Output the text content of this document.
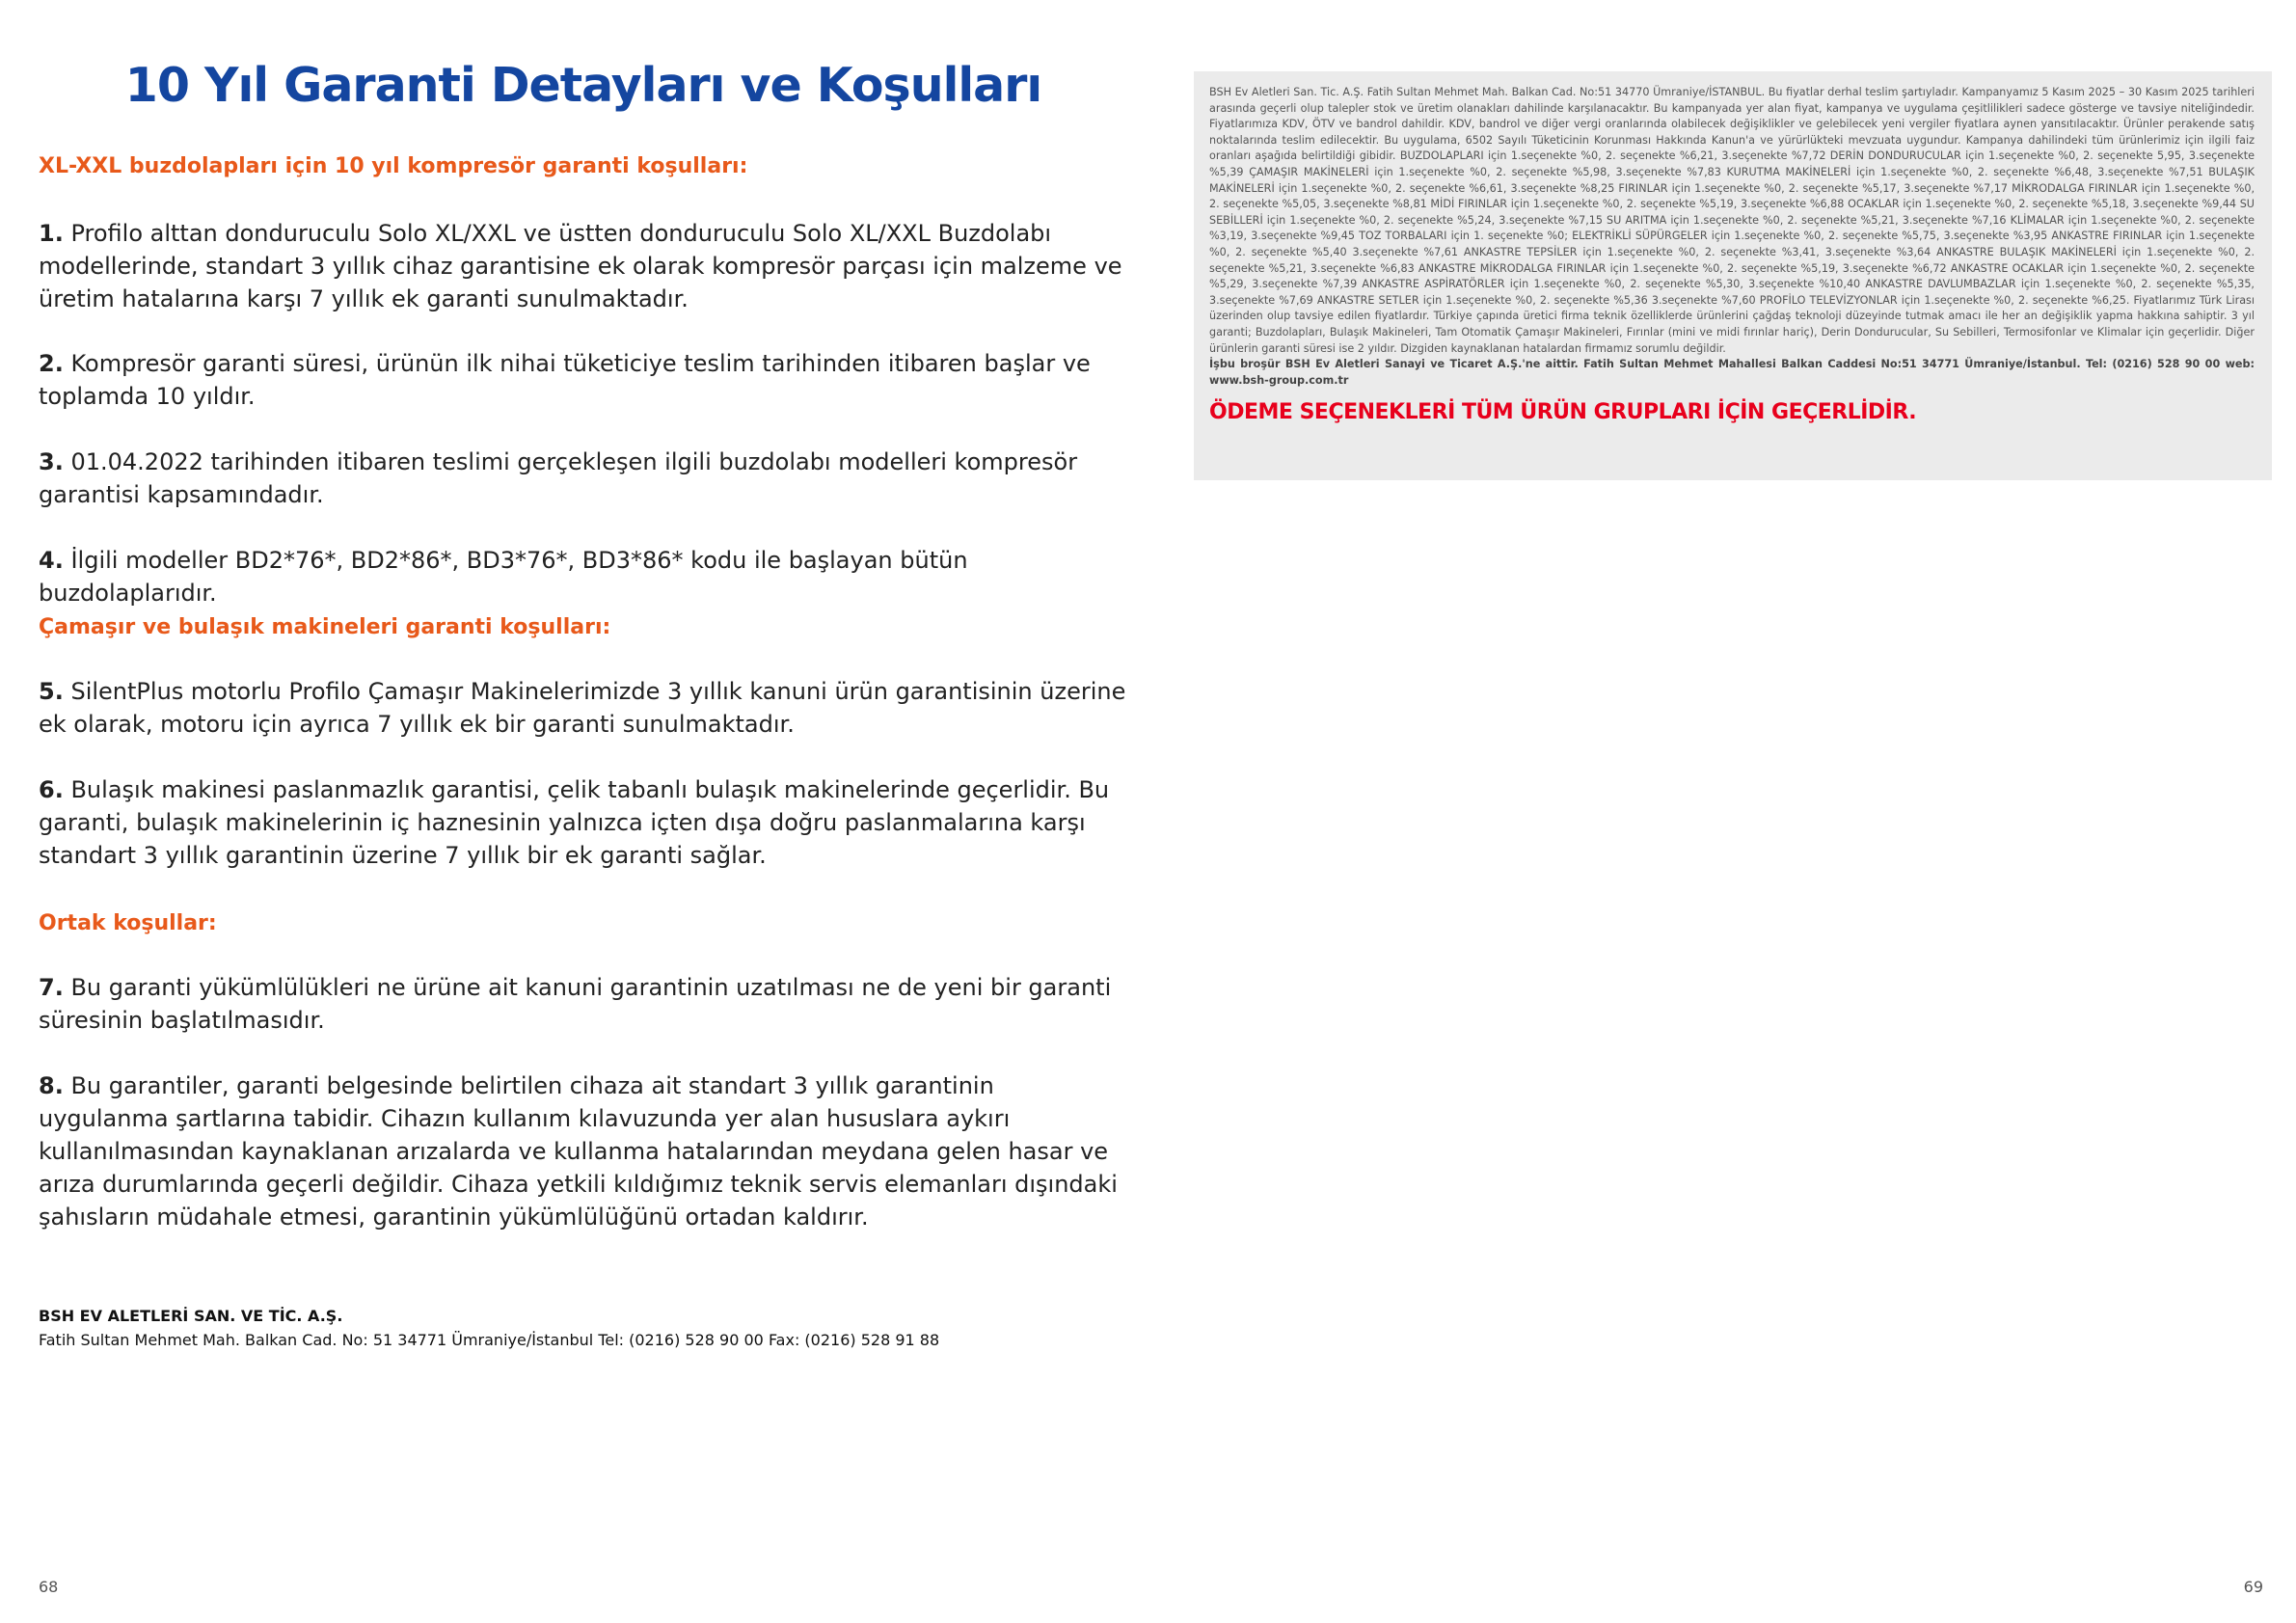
10 Yıl Garanti Detayları ve Koşulları

XL-XXL buzdolapları için 10 yıl kompresör garanti koşulları:

1. Profilo alttan donduruculu Solo XL/XXL ve üstten donduruculu Solo XL/XXL Buzdolabı modellerinde, standart 3 yıllık cihaz garantisine ek olarak kompresör parçası için malzeme ve üretim hatalarına karşı 7 yıllık ek garanti sunulmaktadır.

2. Kompresör garanti süresi, ürünün ilk nihai tüketiciye teslim tarihinden itibaren başlar ve toplamda 10 yıldır.

3. 01.04.2022 tarihinden itibaren teslimi gerçekleşen ilgili buzdolabı modelleri kompresör garantisi kapsamındadır.

4. İlgili modeller BD2*76*, BD2*86*, BD3*76*, BD3*86* kodu ile başlayan bütün buzdolaplarıdır.

Çamaşır ve bulaşık makineleri garanti koşulları:

5. SilentPlus motorlu Profilo Çamaşır Makinelerimizde 3 yıllık kanuni ürün garantisinin üzerine ek olarak, motoru için ayrıca 7 yıllık ek bir garanti sunulmaktadır.

6. Bulaşık makinesi paslanmazlık garantisi, çelik tabanlı bulaşık makinelerinde geçerlidir. Bu garanti, bulaşık makinelerinin iç haznesinin yalnızca içten dışa doğru paslanmalarına karşı standart 3 yıllık garantinin üzerine 7 yıllık bir ek garanti sağlar.

Ortak koşullar:

7. Bu garanti yükümlülükleri ne ürüne ait kanuni garantinin uzatılması ne de yeni bir garanti süresinin başlatılmasıdır.

8. Bu garantiler, garanti belgesinde belirtilen cihaza ait standart 3 yıllık garantinin uygulanma şartlarına tabidir. Cihazın kullanım kılavuzunda yer alan hususlara aykırı kullanılmasından kaynaklanan arızalarda ve kullanma hatalarından meydana gelen hasar ve arıza durumlarında geçerli değildir. Cihaza yetkili kıldığımız teknik servis elemanları dışındaki şahısların müdahale etmesi, garantinin yükümlülüğünü ortadan kaldırır.

BSH EV ALETLERİ SAN. VE TİC. A.Ş.

Fatih Sultan Mehmet Mah. Balkan Cad. No: 51 34771 Ümraniye/İstanbul Tel: (0216) 528 90 00 Fax: (0216) 528 91 88

68

BSH Ev Aletleri San. Tic. A.Ş. Fatih Sultan Mehmet Mah. Balkan Cad. No:51 34770 Ümraniye/İSTANBUL. Bu fiyatlar derhal teslim şartıyladır. Kampanyamız 5 Kasım 2025 – 30 Kasım 2025 tarihleri arasında geçerli olup talepler stok ve üretim olanakları dahilinde karşılanacaktır. Bu kampanyada yer alan fiyat, kampanya ve uygulama çeşitlilikleri sadece gösterge ve tavsiye niteliğindedir. Fiyatlarımıza KDV, ÖTV ve bandrol dahildir. KDV, bandrol ve diğer vergi oranlarında olabilecek değişiklikler ve gelebilecek yeni vergiler fiyatlara aynen yansıtılacaktır. Ürünler perakende satış noktalarında teslim edilecektir. Bu uygulama, 6502 Sayılı Tüketicinin Korunması Hakkında Kanun'a ve yürürlükteki mevzuata uygundur. Kampanya dahilindeki tüm ürünlerimiz için ilgili faiz oranları aşağıda belirtildiği gibidir. BUZDOLAPLARI için 1.seçenekte %0, 2. seçenekte %6,21, 3.seçenekte %7,72 DERİN DONDURUCULAR için 1.seçenekte %0, 2. seçenekte 5,95, 3.seçenekte %5,39 ÇAMAŞIR MAKİNELERİ için 1.seçenekte %0, 2. seçenekte %5,98, 3.seçenekte %7,83 KURUTMA MAKİNELERİ için 1.seçenekte %0, 2. seçenekte %6,48, 3.seçenekte %7,51 BULAŞIK MAKİNELERİ için 1.seçenekte %0, 2. seçenekte %6,61, 3.seçenekte %8,25 FIRINLAR için 1.seçenekte %0, 2. seçenekte %5,17, 3.seçenekte %7,17 MİKRODALGA FIRINLAR için 1.seçenekte %0, 2. seçenekte %5,05, 3.seçenekte %8,81 MİDİ FIRINLAR için 1.seçenekte %0, 2. seçenekte %5,19, 3.seçenekte %6,88 OCAKLAR için 1.seçenekte %0, 2. seçenekte %5,18, 3.seçenekte %9,44 SU SEBİLLERİ için 1.seçenekte %0, 2. seçenekte %5,24, 3.seçenekte %7,15 SU ARITMA için 1.seçenekte %0, 2. seçenekte %5,21, 3.seçenekte %7,16 KLİMALAR için 1.seçenekte %0, 2. seçenekte %3,19, 3.seçenekte %9,45 TOZ TORBALARI için 1. seçenekte %0; ELEKTRİKLİ SÜPÜRGELER için 1.seçenekte %0, 2. seçenekte %5,75, 3.seçenekte %3,95 ANKASTRE FIRINLAR için 1.seçenekte %0, 2. seçenekte %5,40 3.seçenekte %7,61 ANKASTRE TEPSİLER için 1.seçenekte %0, 2. seçenekte %3,41, 3.seçenekte %3,64 ANKASTRE BULAŞIK MAKİNELERİ için 1.seçenekte %0, 2. seçenekte %5,21, 3.seçenekte %6,83 ANKASTRE MİKRODALGA FIRINLAR için 1.seçenekte %0, 2. seçenekte %5,19, 3.seçenekte %6,72 ANKASTRE OCAKLAR için 1.seçenekte %0, 2. seçenekte %5,29, 3.seçenekte %7,39 ANKASTRE ASPİRATÖRLER için 1.seçenekte %0, 2. seçenekte %5,30, 3.seçenekte %10,40 ANKASTRE DAVLUMBAZLAR için 1.seçenekte %0, 2. seçenekte %5,35, 3.seçenekte %7,69 ANKASTRE SETLER için 1.seçenekte %0, 2. seçenekte %5,36 3.seçenekte %7,60 PROFİLO TELEVİZYONLAR için 1.seçenekte %0, 2. seçenekte %6,25. Fiyatlarımız Türk Lirası üzerinden olup tavsiye edilen fiyatlardır. Türkiye çapında üretici firma teknik özelliklerde ürünlerini çağdaş teknoloji düzeyinde tutmak amacı ile her an değişiklik yapma hakkına sahiptir. 3 yıl garanti; Buzdolapları, Bulaşık Makineleri, Tam Otomatik Çamaşır Makineleri, Fırınlar (mini ve midi fırınlar hariç), Derin Dondurucular, Su Sebilleri, Termosifonlar ve Klimalar için geçerlidir. Diğer ürünlerin garanti süresi ise 2 yıldır. Dizgiden kaynaklanan hatalardan firmamız sorumlu değildir.
İşbu broşür BSH Ev Aletleri Sanayi ve Ticaret A.Ş.'ne aittir. Fatih Sultan Mehmet Mahallesi Balkan Caddesi No:51 34771 Ümraniye/İstanbul. Tel: (0216) 528 90 00 web: www.bsh-group.com.tr

ÖDEME SEÇENEKLERİ TÜM ÜRÜN GRUPLARI İÇİN GEÇERLİDİR.
69
